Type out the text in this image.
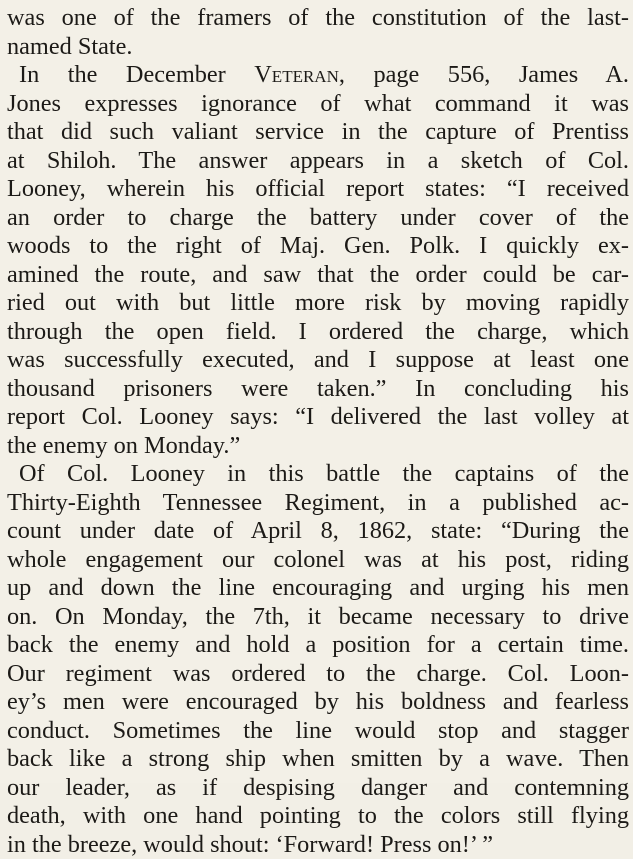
was one of the framers of the constitution of the last-
named State.
In the December Veteran, page 556, James A.
Jones expresses ignorance of what command it was
that did such valiant service in the capture of Prentiss
at Shiloh. The answer appears in a sketch of Col.
Looney, wherein his official report states: “I received
an order to charge the battery under cover of the
woods to the right of Maj. Gen. Polk. I quickly ex-
amined the route, and saw that the order could be car-
ried out with but little more risk by moving rapidly
through the open field. I ordered the charge, which
was successfully executed, and I suppose at least one
thousand prisoners were taken.” In concluding his
report Col. Looney says: “I delivered the last volley at
the enemy on Monday.”
Of Col. Looney in this battle the captains of the
Thirty-Eighth Tennessee Regiment, in a published ac-
count under date of April 8, 1862, state: “During the
whole engagement our colonel was at his post, riding
up and down the line encouraging and urging his men
on. On Monday, the 7th, it became necessary to drive
back the enemy and hold a position for a certain time.
Our regiment was ordered to the charge. Col. Loon-
ey’s men were encouraged by his boldness and fearless
conduct. Sometimes the line would stop and stagger
back like a strong ship when smitten by a wave. Then
our leader, as if despising danger and contemning
death, with one hand pointing to the colors still flying
in the breeze, would shout: ‘Forward! Press on!’ ”
